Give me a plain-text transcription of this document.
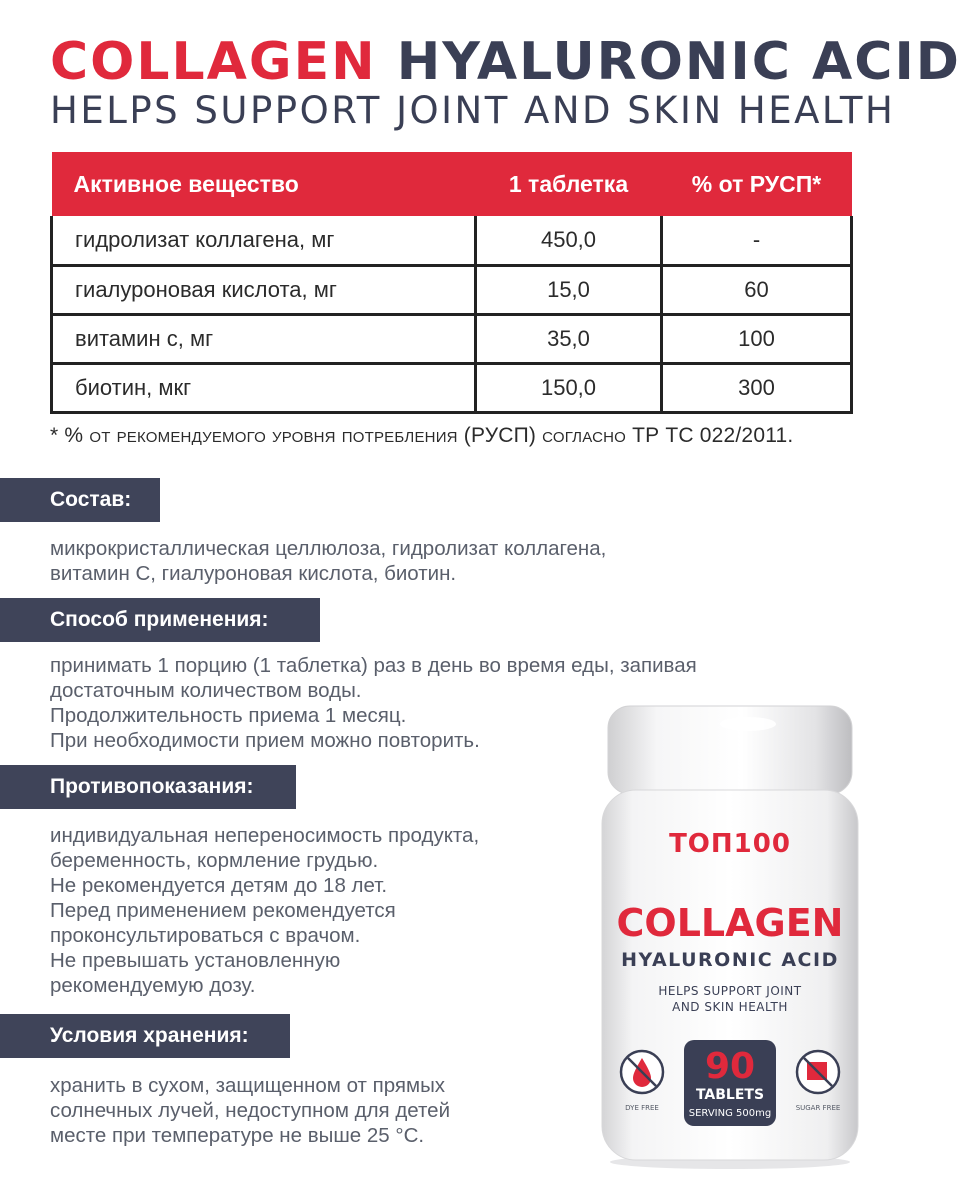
COLLAGEN HYALURONIC ACID
HELPS SUPPORT JOINT AND SKIN HEALTH
Активное вещество	1 таблетка	% от РУСП*
гидролизат коллагена, мг	450,0	-
гиалуроновая кислота, мг	15,0	60
витамин с, мг	35,0	100
биотин, мкг	150,0	300
* % от рекомендуемого уровня потребления (РУСП) согласно ТР ТС 022/2011.
Состав:
микрокристаллическая целлюлоза, гидролизат коллагена,
витамин С, гиалуроновая кислота, биотин.
Способ применения:
принимать 1 порцию (1 таблетка) раз в день во время еды, запивая
достаточным количеством воды.
Продолжительность приема 1 месяц.
При необходимости прием можно повторить.
Противопоказания:
индивидуальная непереносимость продукта,
беременность, кормление грудью.
Не рекомендуется детям до 18 лет.
Перед применением рекомендуется
проконсультироваться с врачом.
Не превышать установленную
рекомендуемую дозу.
Условия хранения:
хранить в сухом, защищенном от прямых
солнечных лучей, недоступном для детей
месте при температуре не выше 25 °С.
ТОП100
COLLAGEN
HYALURONIC ACID
HELPS SUPPORT JOINT
AND SKIN HEALTH
DYE FREE
90
TABLETS
SERVING 500mg	SUGAR FREE
